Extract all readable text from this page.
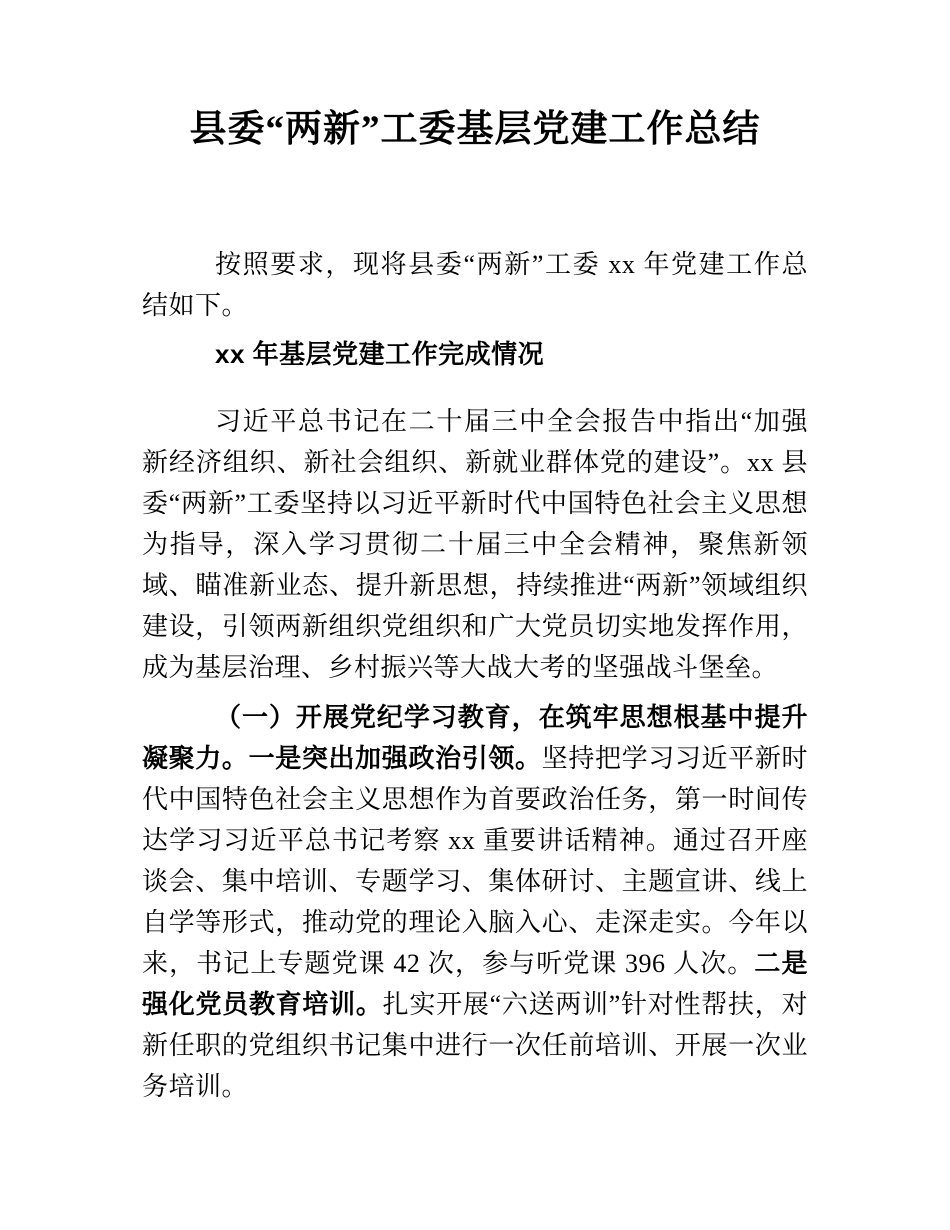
县委“两新”工委基层党建工作总结

按照要求，现将县委“两新”工委 xx 年党建工作总结如下。

xx 年基层党建工作完成情况

习近平总书记在二十届三中全会报告中指出“加强新经济组织、新社会组织、新就业群体党的建设”。xx 县委“两新”工委坚持以习近平新时代中国特色社会主义思想为指导，深入学习贯彻二十届三中全会精神，聚焦新领域、瞄准新业态、提升新思想，持续推进“两新”领域组织建设，引领两新组织党组织和广大党员切实地发挥作用，成为基层治理、乡村振兴等大战大考的坚强战斗堡垒。

（一）开展党纪学习教育，在筑牢思想根基中提升凝聚力。一是突出加强政治引领。坚持把学习习近平新时代中国特色社会主义思想作为首要政治任务，第一时间传达学习习近平总书记考察 xx 重要讲话精神。通过召开座谈会、集中培训、专题学习、集体研讨、主题宣讲、线上自学等形式，推动党的理论入脑入心、走深走实。今年以来，书记上专题党课 42 次，参与听党课 396 人次。二是强化党员教育培训。扎实开展“六送两训”针对性帮扶，对新任职的党组织书记集中进行一次任前培训、开展一次业务培训。
